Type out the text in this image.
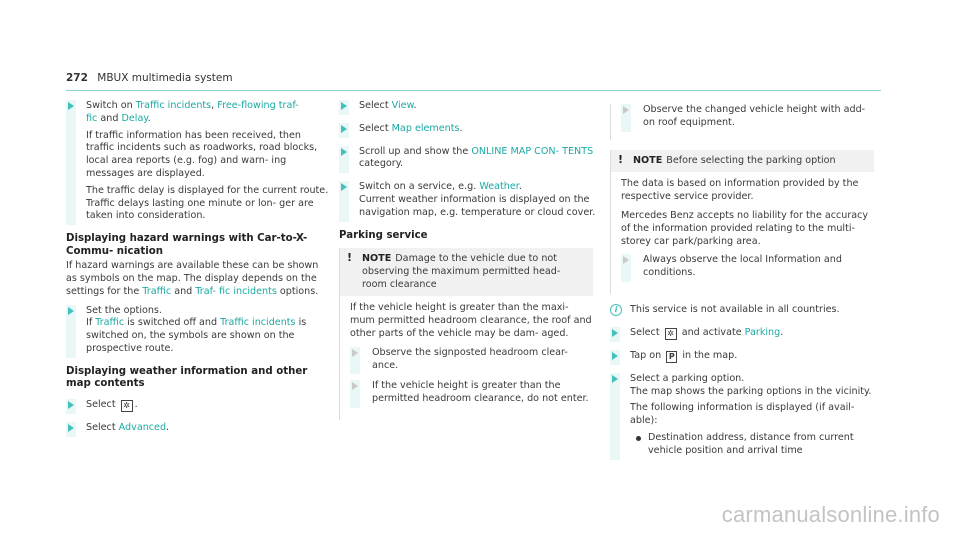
272 MBUX multimedia system

Switch on Traffic incidents, Free-flowing traf-
fic and Delay.

If traffic information has been received, then traffic incidents such as roadworks, road blocks, local area reports (e.g. fog) and warn- ing messages are displayed.

The traffic delay is displayed for the current route. Traffic delays lasting one minute or lon- ger are taken into consideration.

Displaying hazard warnings with Car-to-X-Commu- nication

If hazard warnings are available these can be shown as symbols on the map. The display depends on the settings for the Traffic and Traf- fic incidents options.

Set the options.
If Traffic is switched off and Traffic incidents is switched on, the symbols are shown on the prospective route.

Displaying weather information and other map contents

Select ✲ .

Select Advanced.

Select View.

Select Map elements.

Scroll up and show the ONLINE MAP CON- TENTS category.

Switch on a service, e.g. Weather.
Current weather information is displayed on the navigation map, e.g. temperature or cloud cover.

Parking service
! NOTE Damage to the vehicle due to not observing the maximum permitted head- room clearance

If the vehicle height is greater than the maxi- mum permitted headroom clearance, the roof and other parts of the vehicle may be dam- aged.

Observe the signposted headroom clear- ance.
If the vehicle height is greater than the permitted headroom clearance, do not enter.
Observe the changed vehicle height with add-on roof equipment.
! NOTE Before selecting the parking option

The data is based on information provided by the respective service provider.

Mercedes Benz accepts no liability for the accuracy of the information provided relating to the multi-storey car park/parking area.

Always observe the local Information and conditions.
i	This service is not available in all countries.

Select ✲ and activate Parking.

Tap on P in the map.

Select a parking option.
The map shows the parking options in the vicinity.

The following information is displayed (if avail- able):

Destination address, distance from current vehicle position and arrival time
carmanualsonline.info
